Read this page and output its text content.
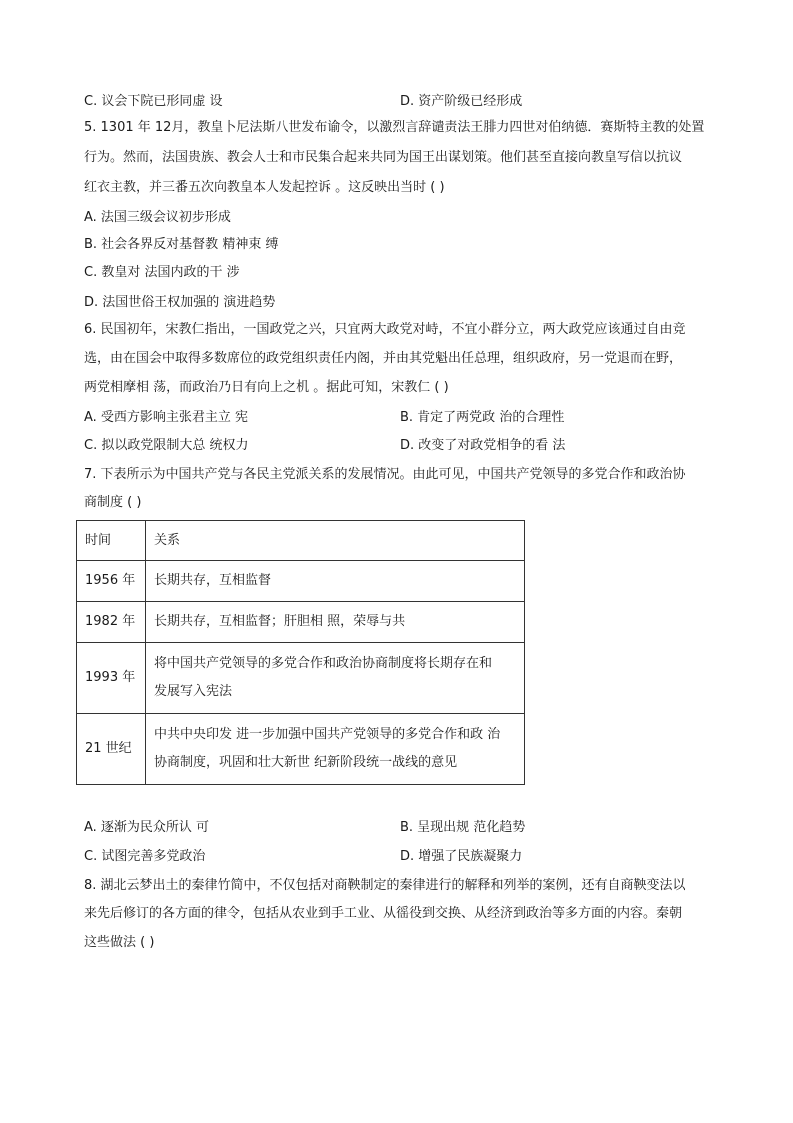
C. 议会下院已形同虚 设	D. 资产阶级已经形成
5. 1301 年 12月，教皇卜尼法斯八世发布谕令，以激烈言辞谴责法王腓力四世对伯纳德．赛斯特主教的处置
行为。然而，法国贵族、教会人士和市民集合起来共同为国王出谋划策。他们甚至直接向教皇写信以抗议
红衣主教，并三番五次向教皇本人发起控诉 。这反映出当时 ( )
A. 法国三级会议初步形成
B. 社会各界反对基督教 精神束 缚
C. 教皇对 法国内政的干 涉
D. 法国世俗王权加强的 演进趋势
6. 民国初年，宋教仁指出，一国政党之兴，只宜两大政党对峙，不宜小群分立，两大政党应该通过自由竞
选，由在国会中取得多数席位的政党组织责任内阁，并由其党魁出任总理，组织政府，另一党退而在野，
两党相摩相 荡，而政治乃日有向上之机 。据此可知，宋教仁 ( )
A. 受西方影响主张君主立 宪	B. 肯定了两党政 治的合理性
C. 拟以政党限制大总 统权力	D. 改变了对政党相争的看 法
7. 下表所示为中国共产党与各民主党派关系的发展情况。由此可见，中国共产党领导的多党合作和政治协
商制度 ( )
时间	关系
1956 年	长期共存，互相监督
1982 年	长期共存，互相监督；肝胆相 照，荣辱与共
1993 年	将中国共产党领导的多党合作和政治协商制度将长期存在和
发展写入宪法

21 世纪	中共中央印发 进一步加强中国共产党领导的多党合作和政 治
协商制度，巩固和壮大新世 纪新阶段统一战线的意见
A. 逐渐为民众所认 可	B. 呈现出规 范化趋势
C. 试图完善多党政治	D. 增强了民族凝聚力
8. 湖北云梦出土的秦律竹简中，不仅包括对商鞅制定的秦律进行的解释和列举的案例，还有自商鞅变法以
来先后修订的各方面的律令，包括从农业到手工业、从徭役到交换、从经济到政治等多方面的内容。秦朝
这些做法 ( )
